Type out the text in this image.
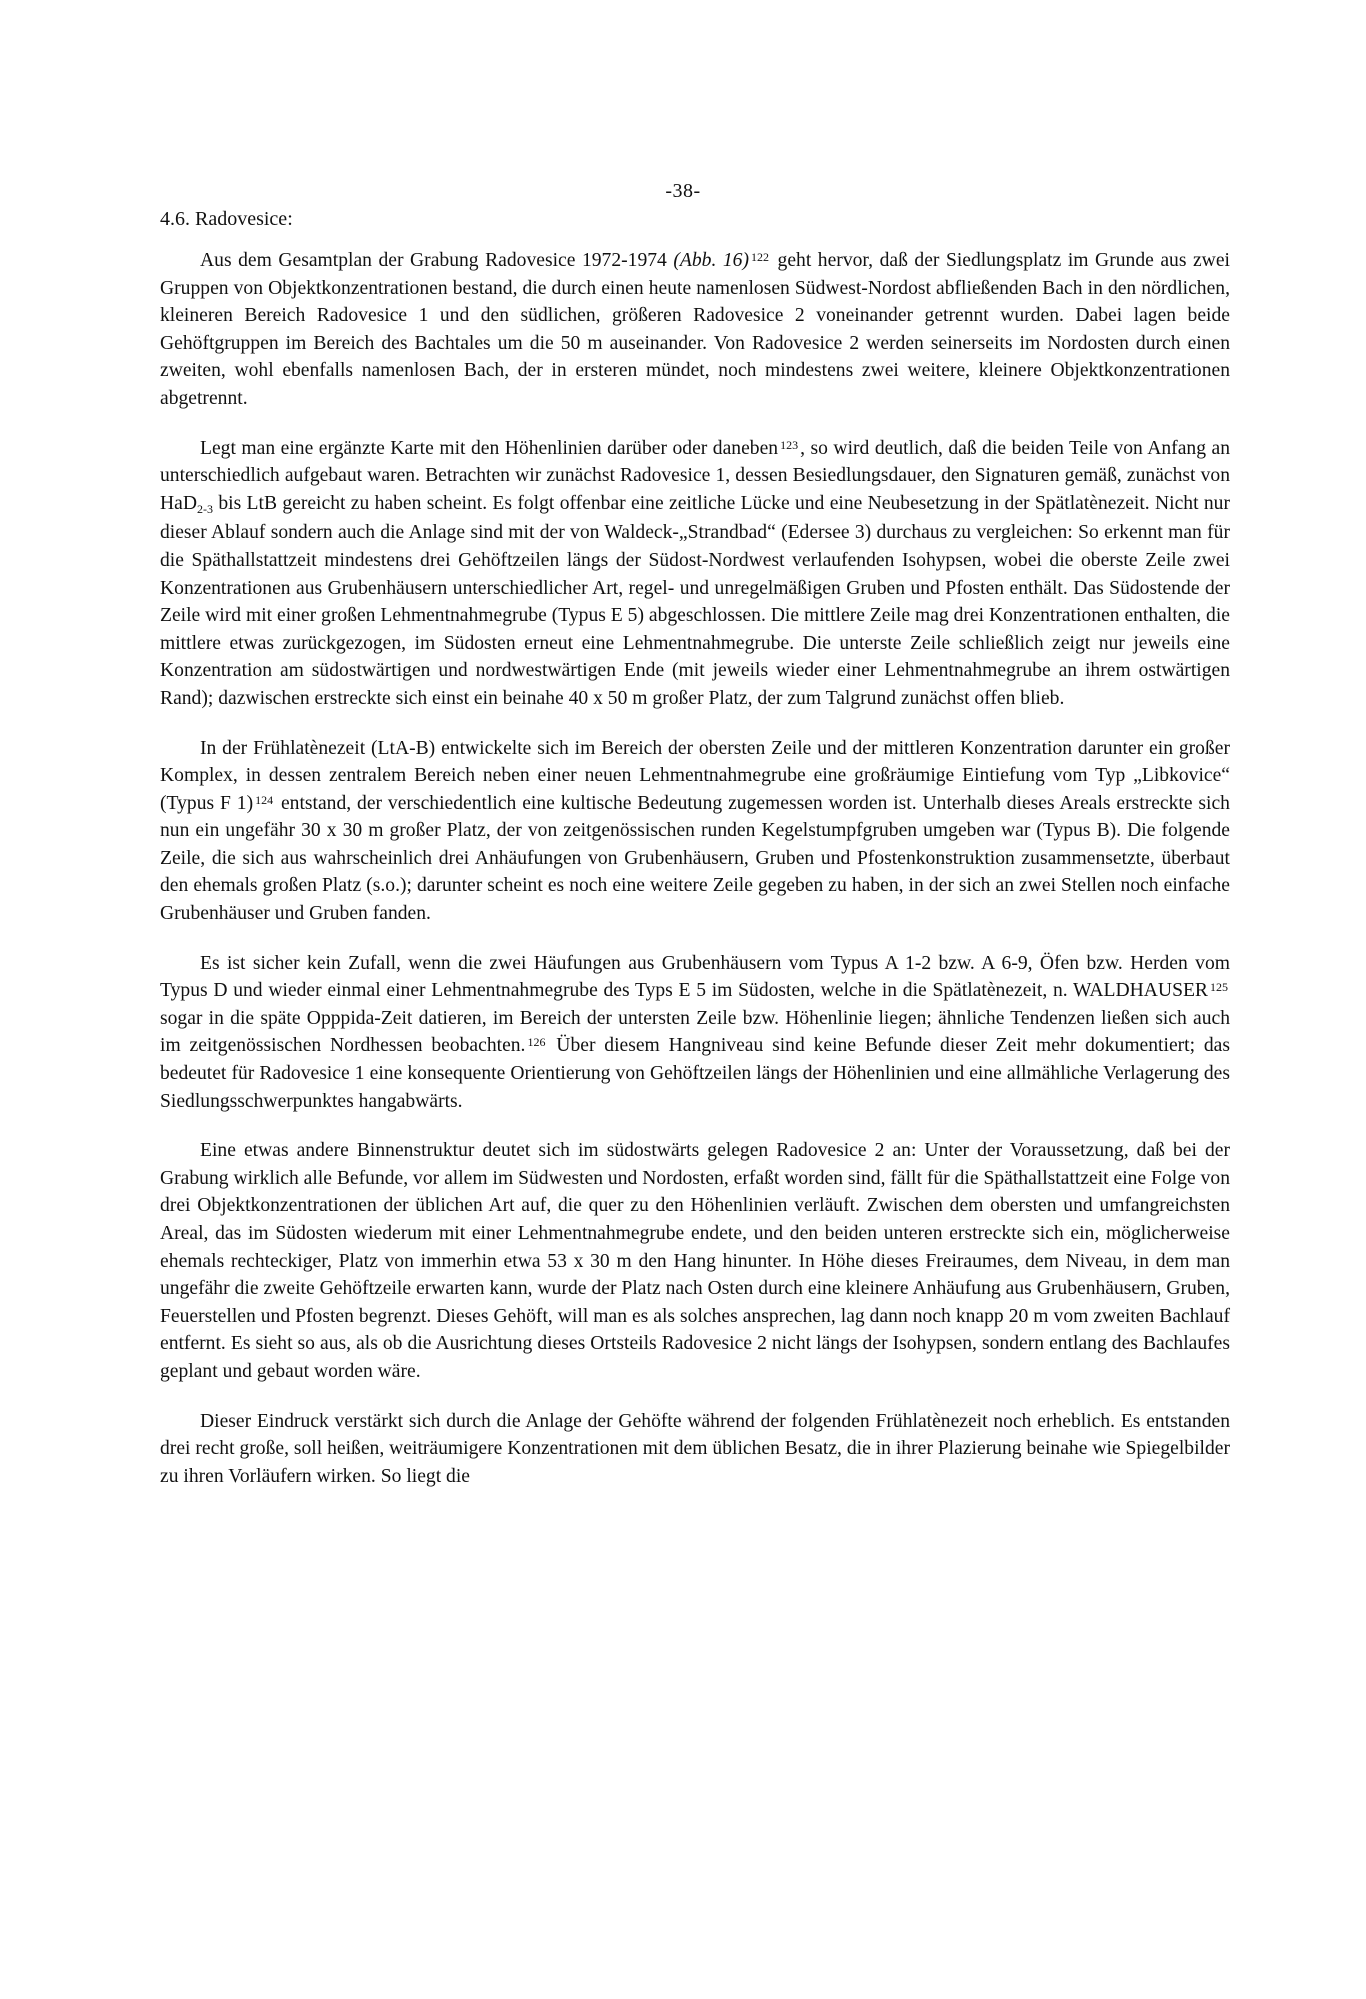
-38-
4.6. Radovesice:

Aus dem Gesamtplan der Grabung Radovesice 1972-1974 (Abb. 16) $^{122}$ geht hervor, daß der Siedlungsplatz im Grunde aus zwei Gruppen von Objektkonzentrationen bestand, die durch einen heute namenlosen Südwest-Nordost abfließenden Bach in den nördlichen, kleineren Bereich Radovesice 1 und den südlichen, größeren Radovesice 2 voneinander getrennt wurden. Dabei lagen beide Gehöftgruppen im Bereich des Bachtales um die 50 m auseinander. Von Radovesice 2 werden seinerseits im Nordosten durch einen zweiten, wohl ebenfalls namenlosen Bach, der in ersteren mündet, noch mindestens zwei weitere, kleinere Objektkonzentrationen abgetrennt.

Legt man eine ergänzte Karte mit den Höhenlinien darüber oder daneben $^{123}$ , so wird deutlich, daß die beiden Teile von Anfang an unterschiedlich aufgebaut waren. Betrachten wir zunächst Radovesice 1, dessen Besiedlungsdauer, den Signaturen gemäß, zunächst von HaD$_{2-3}$ bis LtB gereicht zu haben scheint. Es folgt offenbar eine zeitliche Lücke und eine Neubesetzung in der Spätlatènezeit. Nicht nur dieser Ablauf sondern auch die Anlage sind mit der von Waldeck-„Strandbad“ (Edersee 3) durchaus zu vergleichen: So erkennt man für die Späthallstattzeit mindestens drei Gehöftzeilen längs der Südost-Nordwest verlaufenden Isohypsen, wobei die oberste Zeile zwei Konzentrationen aus Grubenhäusern unterschiedlicher Art, regel- und unregelmäßigen Gruben und Pfosten enthält. Das Südostende der Zeile wird mit einer großen Lehmentnahmegrube (Typus E 5) abgeschlossen. Die mittlere Zeile mag drei Konzentrationen enthalten, die mittlere etwas zurückgezogen, im Südosten erneut eine Lehmentnahmegrube. Die unterste Zeile schließlich zeigt nur jeweils eine Konzentration am südostwärtigen und nordwestwärtigen Ende (mit jeweils wieder einer Lehmentnahmegrube an ihrem ostwärtigen Rand); dazwischen erstreckte sich einst ein beinahe 40 x 50 m großer Platz, der zum Talgrund zunächst offen blieb.

In der Frühlatènezeit (LtA-B) entwickelte sich im Bereich der obersten Zeile und der mittleren Konzentration darunter ein großer Komplex, in dessen zentralem Bereich neben einer neuen Lehmentnahmegrube eine großräumige Eintiefung vom Typ „Libkovice“ (Typus F 1) $^{124}$ entstand, der verschiedentlich eine kultische Bedeutung zugemessen worden ist. Unterhalb dieses Areals erstreckte sich nun ein ungefähr 30 x 30 m großer Platz, der von zeitgenössischen runden Kegelstumpfgruben umgeben war (Typus B). Die folgende Zeile, die sich aus wahrscheinlich drei Anhäufungen von Grubenhäusern, Gruben und Pfostenkonstruktion zusammensetzte, überbaut den ehemals großen Platz (s.o.); darunter scheint es noch eine weitere Zeile gegeben zu haben, in der sich an zwei Stellen noch einfache Grubenhäuser und Gruben fanden.

Es ist sicher kein Zufall, wenn die zwei Häufungen aus Grubenhäusern vom Typus A 1-2 bzw. A 6-9, Öfen bzw. Herden vom Typus D und wieder einmal einer Lehmentnahmegrube des Typs E 5 im Südosten, welche in die Spätlatènezeit, n. WALDHAUSER $^{125}$ sogar in die späte Opppida-Zeit datieren, im Bereich der untersten Zeile bzw. Höhenlinie liegen; ähnliche Tendenzen ließen sich auch im zeitgenössischen Nordhessen beobachten. $^{126}$ Über diesem Hangniveau sind keine Befunde dieser Zeit mehr dokumentiert; das bedeutet für Radovesice 1 eine konsequente Orientierung von Gehöftzeilen längs der Höhenlinien und eine allmähliche Verlagerung des Siedlungsschwerpunktes hangabwärts.

Eine etwas andere Binnenstruktur deutet sich im südostwärts gelegen Radovesice 2 an: Unter der Voraussetzung, daß bei der Grabung wirklich alle Befunde, vor allem im Südwesten und Nordosten, erfaßt worden sind, fällt für die Späthallstattzeit eine Folge von drei Objektkonzentrationen der üblichen Art auf, die quer zu den Höhenlinien verläuft. Zwischen dem obersten und umfangreichsten Areal, das im Südosten wiederum mit einer Lehmentnahmegrube endete, und den beiden unteren erstreckte sich ein, möglicherweise ehemals rechteckiger, Platz von immerhin etwa 53 x 30 m den Hang hinunter. In Höhe dieses Freiraumes, dem Niveau, in dem man ungefähr die zweite Gehöftzeile erwarten kann, wurde der Platz nach Osten durch eine kleinere Anhäufung aus Grubenhäusern, Gruben, Feuerstellen und Pfosten begrenzt. Dieses Gehöft, will man es als solches ansprechen, lag dann noch knapp 20 m vom zweiten Bachlauf entfernt. Es sieht so aus, als ob die Ausrichtung dieses Ortsteils Radovesice 2 nicht längs der Isohypsen, sondern entlang des Bachlaufes geplant und gebaut worden wäre.

Dieser Eindruck verstärkt sich durch die Anlage der Gehöfte während der folgenden Frühlatènezeit noch erheblich. Es entstanden drei recht große, soll heißen, weiträumigere Konzentrationen mit dem üblichen Besatz, die in ihrer Plazierung beinahe wie Spiegelbilder zu ihren Vorläufern wirken. So liegt die
